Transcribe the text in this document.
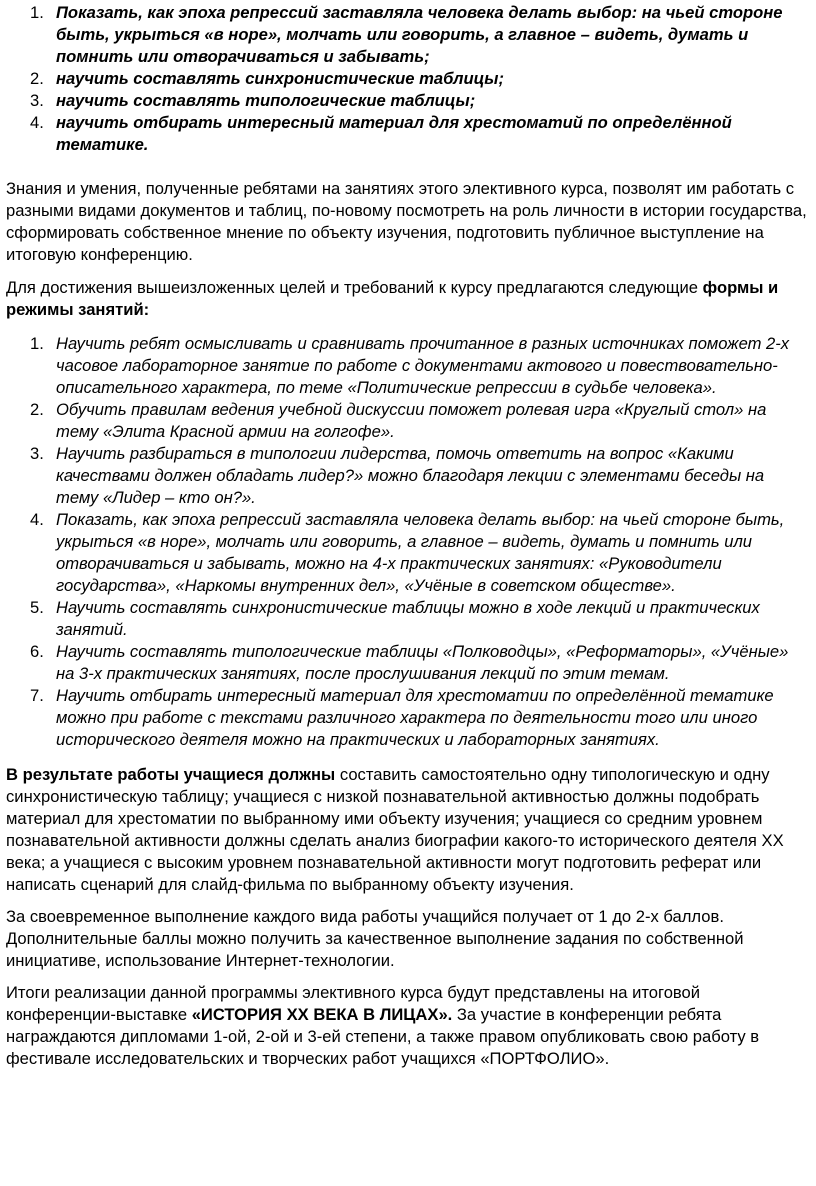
1. Показать, как эпоха репрессий заставляла человека делать выбор: на чьей стороне быть, укрыться «в норе», молчать или говорить, а главное – видеть, думать и помнить или отворачиваться и забывать;
2. научить составлять синхронистические таблицы;
3. научить составлять типологические таблицы;
4. научить отбирать интересный материал для хрестоматий по определённой тематике.

Знания и умения, полученные ребятами на занятиях этого элективного курса, позволят им работать с разными видами документов и таблиц, по-новому посмотреть на роль личности в истории государства, сформировать собственное мнение по объекту изучения, подготовить публичное выступление на итоговую конференцию.

Для достижения вышеизложенных целей и требований к курсу предлагаются следующие формы и режимы занятий:

1. Научить ребят осмысливать и сравнивать прочитанное в разных источниках поможет 2-х часовое лабораторное занятие по работе с документами актового и повествовательно-описательного характера, по теме «Политические репрессии в судьбе человека».
2. Обучить правилам ведения учебной дискуссии поможет ролевая игра «Круглый стол» на тему «Элита Красной армии на голгофе».
3. Научить разбираться в типологии лидерства, помочь ответить на вопрос «Какими качествами должен обладать лидер?» можно благодаря лекции с элементами беседы на тему «Лидер – кто он?».
4. Показать, как эпоха репрессий заставляла человека делать выбор: на чьей стороне быть, укрыться «в норе», молчать или говорить, а главное – видеть, думать и помнить или отворачиваться и забывать, можно на 4-х практических занятиях: «Руководители государства», «Наркомы внутренних дел», «Учёные в советском обществе».
5. Научить составлять синхронистические таблицы можно в ходе лекций и практических занятий.
6. Научить составлять типологические таблицы «Полководцы», «Реформаторы», «Учёные» на 3-х практических занятиях, после прослушивания лекций по этим темам.
7. Научить отбирать интересный материал для хрестоматии по определённой тематике можно при работе с текстами различного характера по деятельности того или иного исторического деятеля можно на практических и лабораторных занятиях.

В результате работы учащиеся должны составить самостоятельно одну типологическую и одну синхронистическую таблицу; учащиеся с низкой познавательной активностью должны подобрать материал для хрестоматии по выбранному ими объекту изучения; учащиеся со средним уровнем познавательной активности должны сделать анализ биографии какого-то исторического деятеля XX века; а учащиеся с высоким уровнем познавательной активности могут подготовить реферат или написать сценарий для слайд-фильма по выбранному объекту изучения.

За своевременное выполнение каждого вида работы учащийся получает от 1 до 2-х баллов. Дополнительные баллы можно получить за качественное выполнение задания по собственной инициативе, использование Интернет-технологии.

Итоги реализации данной программы элективного курса будут представлены на итоговой конференции-выставке «ИСТОРИЯ XX ВЕКА В ЛИЦАХ». За участие в конференции ребята награждаются дипломами 1-ой, 2-ой и 3-ей степени, а также правом опубликовать свою работу в фестивале исследовательских и творческих работ учащихся «ПОРТФОЛИО».
